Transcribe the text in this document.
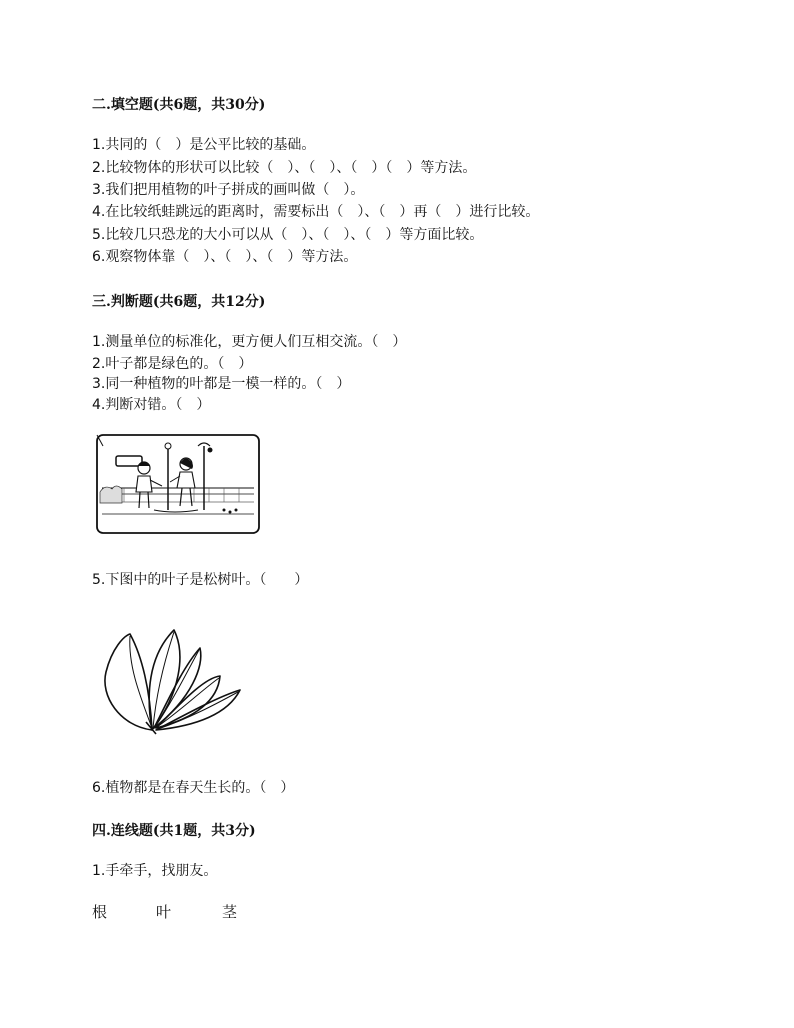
二.填空题(共6题，共30分)
1.共同的（　）是公平比较的基础。
2.比较物体的形状可以比较（　）、（　）、（　）（　）等方法。
3.我们把用植物的叶子拼成的画叫做（　）。
4.在比较纸蛙跳远的距离时，需要标出（　）、（　）再（　）进行比较。
5.比较几只恐龙的大小可以从（　）、（　）、（　）等方面比较。
6.观察物体靠（　）、（　）、（　）等方法。
三.判断题(共6题，共12分)
1.测量单位的标准化，更方便人们互相交流。（　）
2.叶子都是绿色的。（　）
3.同一种植物的叶都是一模一样的。（　）
4.判断对错。（　）
5.下图中的叶子是松树叶。（　　）
6.植物都是在春天生长的。（　）
四.连线题(共1题，共3分)
1.手牵手，找朋友。
根	叶	茎
